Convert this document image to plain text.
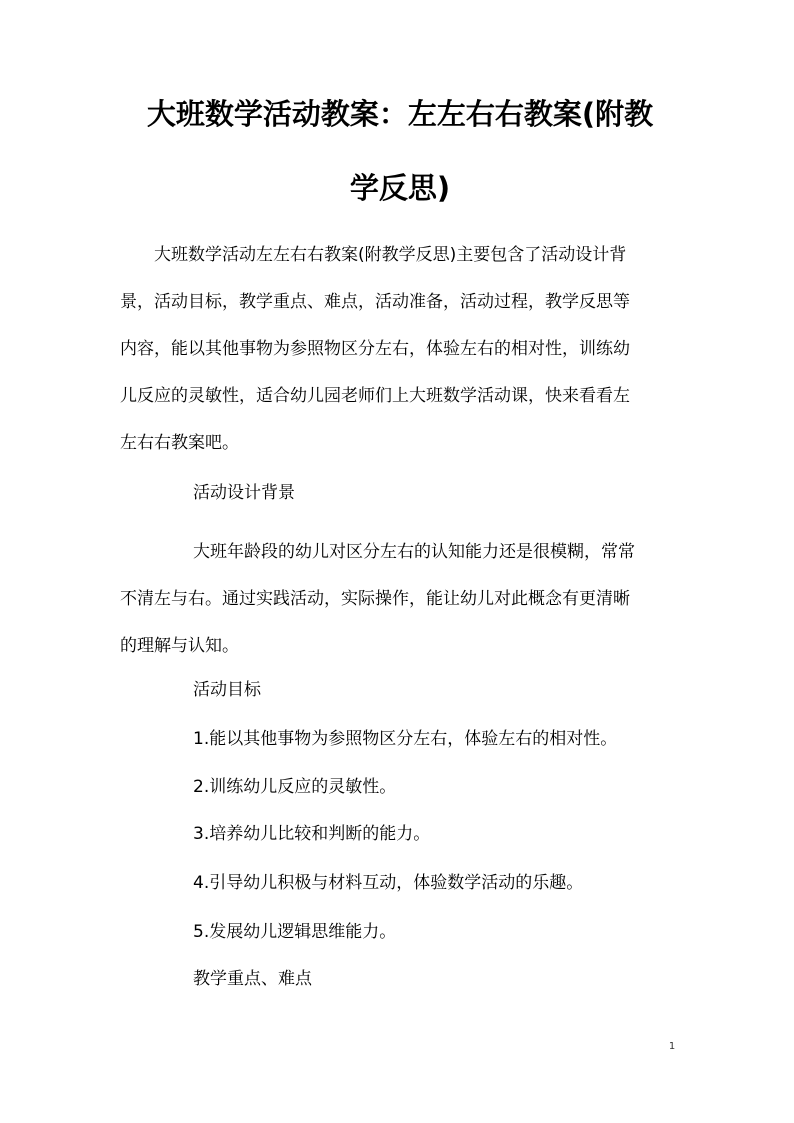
大班数学活动教案：左左右右教案(附教
学反思)

大班数学活动左左右右教案(附教学反思)主要包含了活动设计背

景，活动目标，教学重点、难点，活动准备，活动过程，教学反思等

内容，能以其他事物为参照物区分左右，体验左右的相对性，训练幼

儿反应的灵敏性，适合幼儿园老师们上大班数学活动课，快来看看左

左右右教案吧。

活动设计背景

大班年龄段的幼儿对区分左右的认知能力还是很模糊，常常

不清左与右。通过实践活动，实际操作，能让幼儿对此概念有更清晰

的理解与认知。

活动目标

1.能以其他事物为参照物区分左右，体验左右的相对性。

2.训练幼儿反应的灵敏性。

3.培养幼儿比较和判断的能力。

4.引导幼儿积极与材料互动，体验数学活动的乐趣。

5.发展幼儿逻辑思维能力。

教学重点、难点

1
